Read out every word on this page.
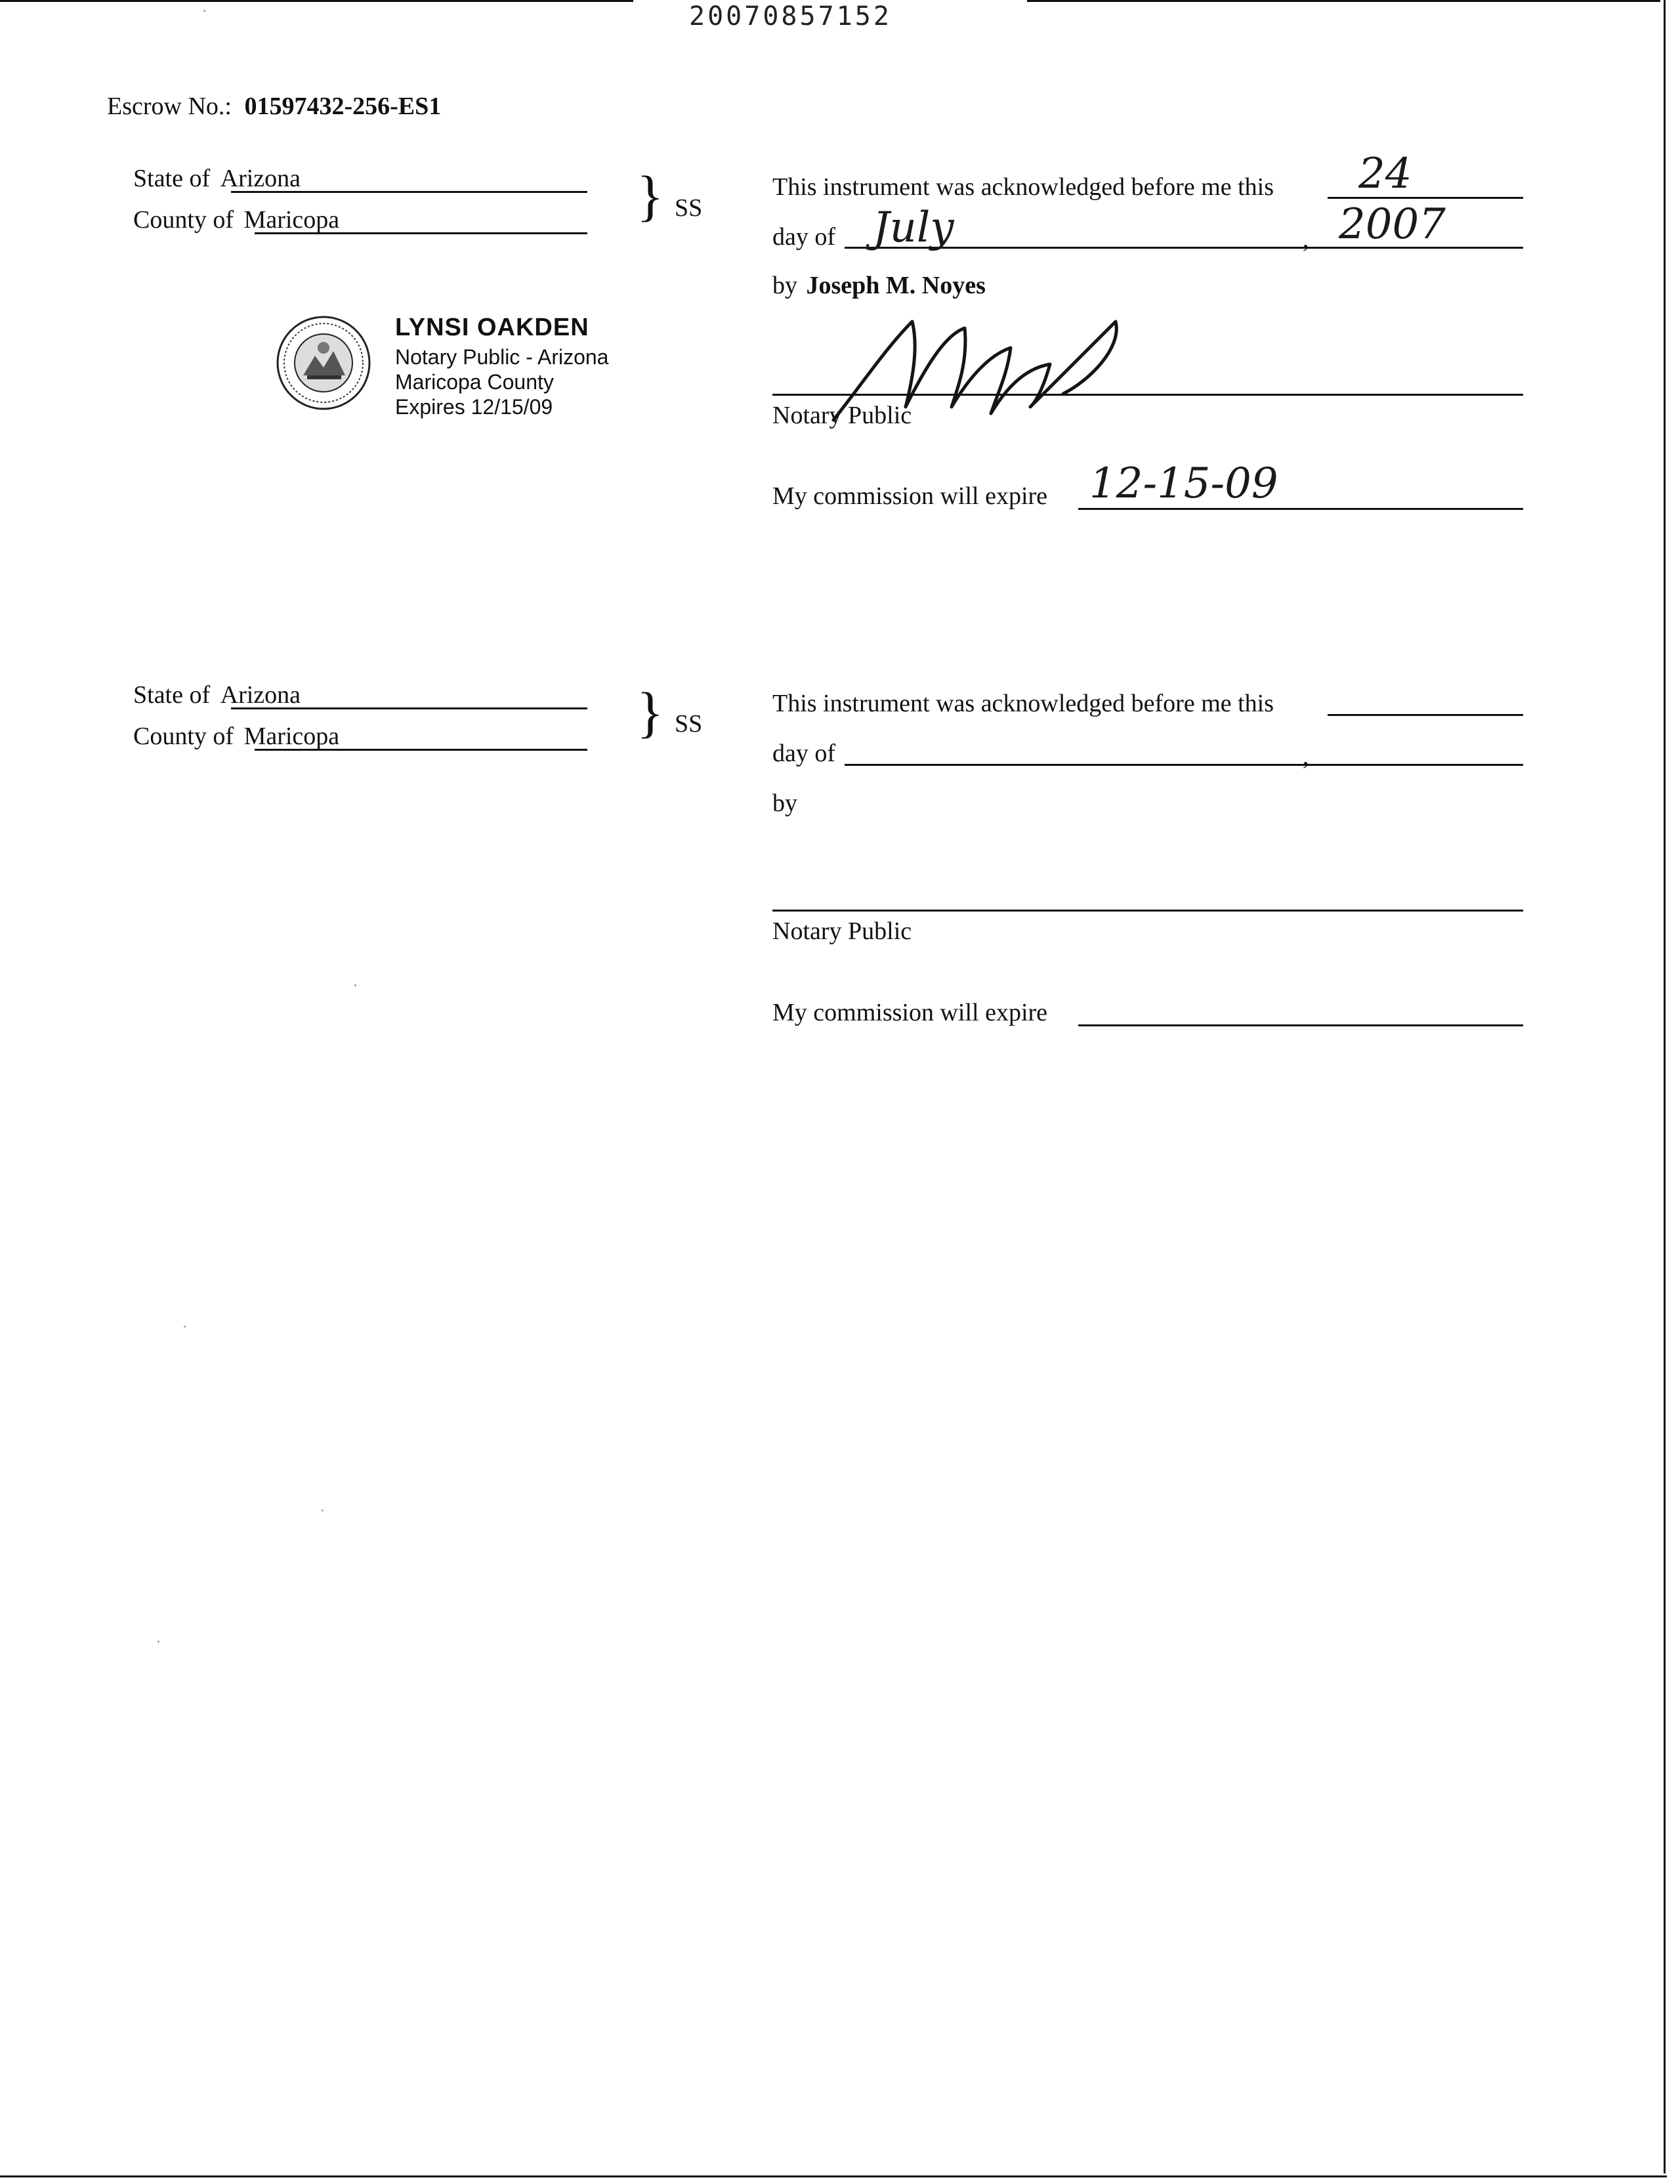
20070857152
Escrow No.: 01597432-256-ES1
State of Arizona
County of Maricopa	} SS
This instrument was acknowledged before me this 24
day of July	, 2007
by Joseph M. Noyes
Notary Public
My commission will expire 12-15-09
LYNSI OAKDEN
Notary Public - Arizona
Maricopa County
Expires 12/15/09
State of Arizona
County of Maricopa	} SS
This instrument was acknowledged before me this
day of	,
by
Notary Public
My commission will expire
